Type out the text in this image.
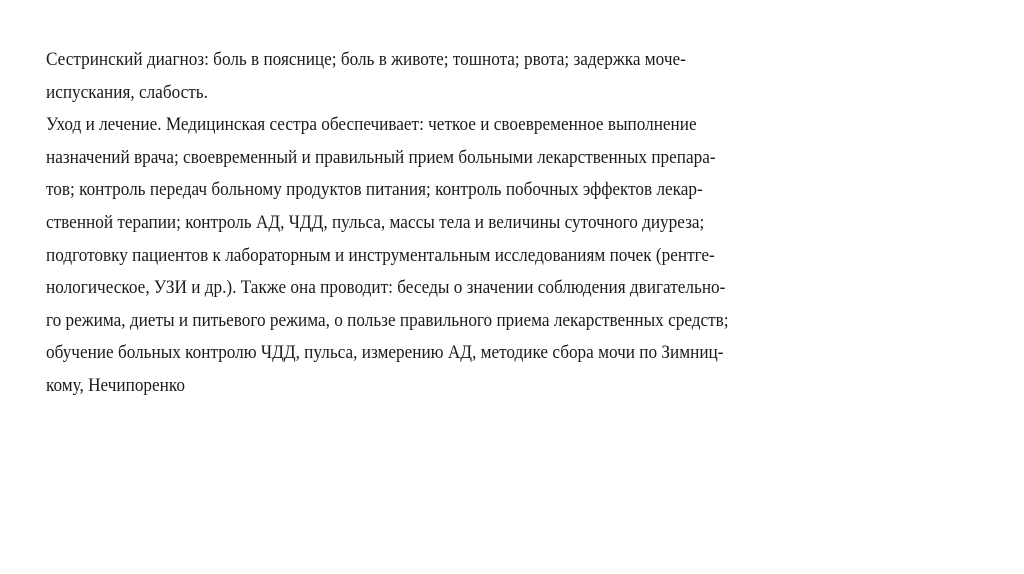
Сестринский диагноз: боль в пояснице; боль в животе; тошнота; рвота; задержка моче-
испускания, слабость.
Уход и лечение. Медицинская сестра обеспечивает: четкое и своевременное выполнение
назначений врача; своевременный и правильный прием больными лекарственных препара-
тов; контроль передач больному продуктов питания; контроль побочных эффектов лекар-
ственной терапии; контроль АД, ЧДД, пульса, массы тела и величины суточного диуреза;
подготовку пациентов к лабораторным и инструментальным исследованиям почек (рентге-
нологическое, УЗИ и др.). Также она проводит: беседы о значении соблюдения двигательно-
го режима, диеты и питьевого режима, о пользе правильного приема лекарственных средств;
обучение больных контролю ЧДД, пульса, измерению АД, методике сбора мочи по Зимниц-
кому, Нечипоренко
